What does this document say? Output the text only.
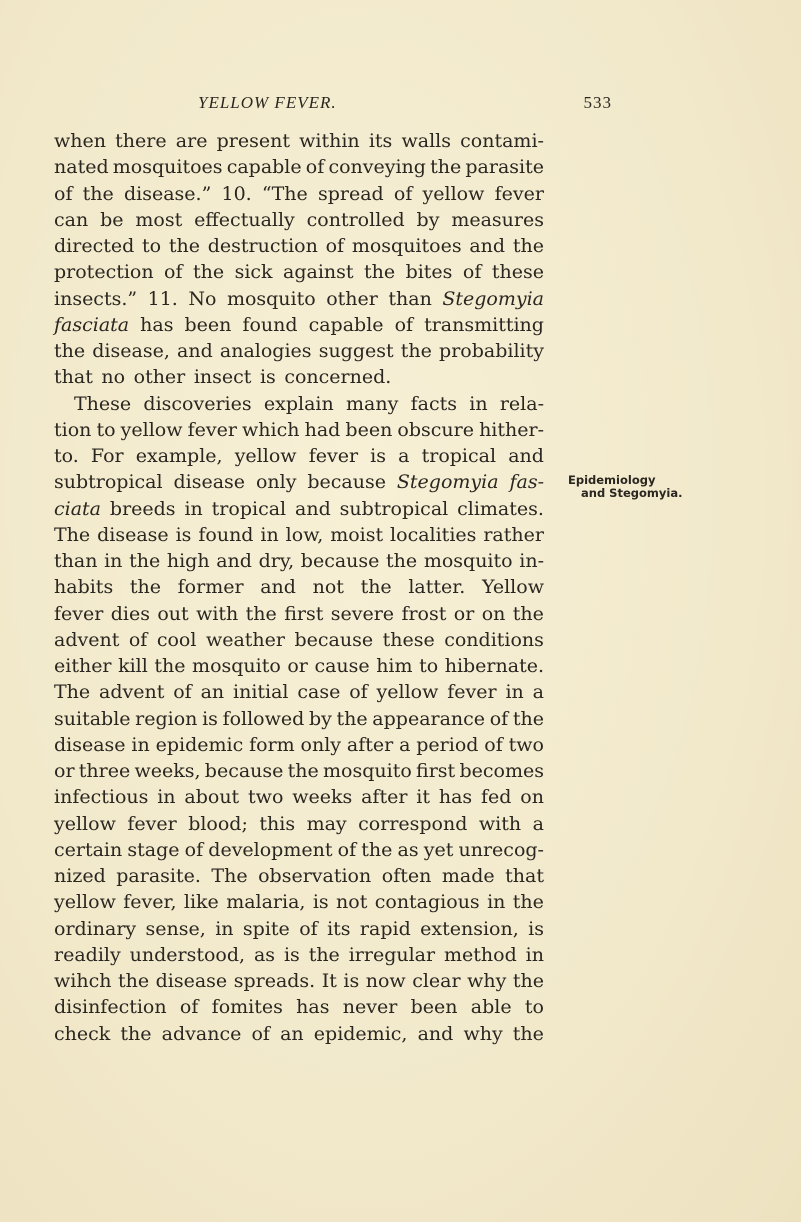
YELLOW FEVER.	533
when there are present within its walls contami-
nated mosquitoes capable of conveying the parasite
of the disease.” 10. “The spread of yellow fever
can be most effectually controlled by measures
directed to the destruction of mosquitoes and the
protection of the sick against the bites of these
insects.” 11. No mosquito other than Stegomyia
fasciata has been found capable of transmitting
the disease, and analogies suggest the probability
that no other insect is concerned.
These discoveries explain many facts in rela-
tion to yellow fever which had been obscure hither-
to. For example, yellow fever is a tropical and
subtropical disease only because Stegomyia fas-
ciata breeds in tropical and subtropical climates.
The disease is found in low, moist localities rather
than in the high and dry, because the mosquito in-
habits the former and not the latter. Yellow
fever dies out with the first severe frost or on the
advent of cool weather because these conditions
either kill the mosquito or cause him to hibernate.
The advent of an initial case of yellow fever in a
suitable region is followed by the appearance of the
disease in epidemic form only after a period of two
or three weeks, because the mosquito first becomes
infectious in about two weeks after it has fed on
yellow fever blood; this may correspond with a
certain stage of development of the as yet unrecog-
nized parasite. The observation often made that
yellow fever, like malaria, is not contagious in the
ordinary sense, in spite of its rapid extension, is
readily understood, as is the irregular method in
wihch the disease spreads. It is now clear why the
disinfection of fomites has never been able to
check the advance of an epidemic, and why the
Epidemiology
and Stegomyia.
